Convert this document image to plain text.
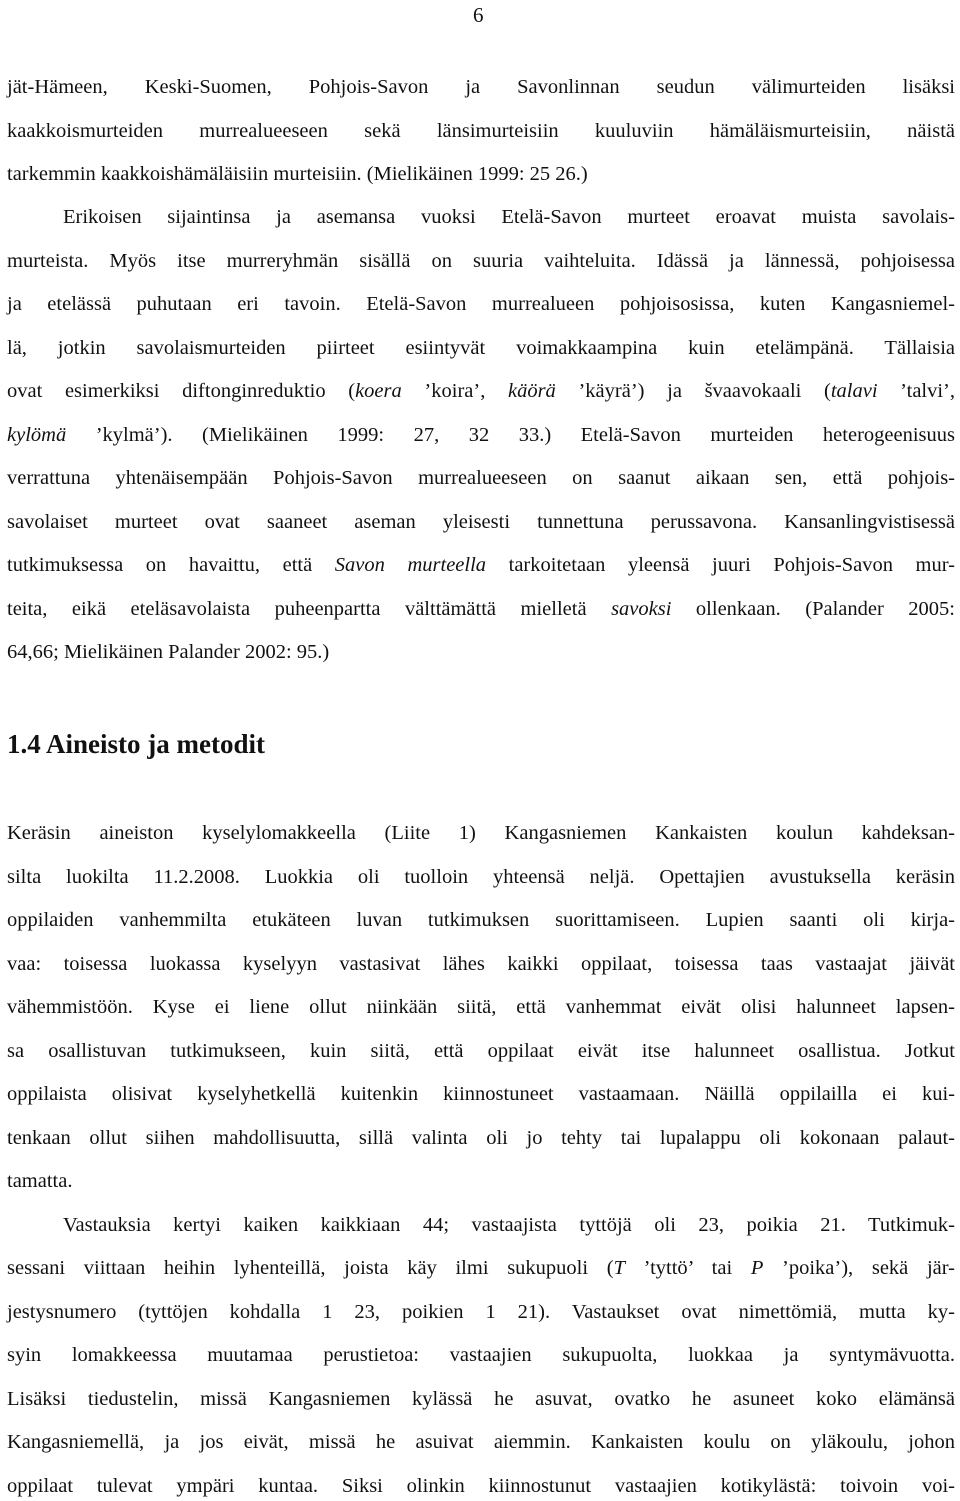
6
jät-Hämeen, Keski-Suomen, Pohjois-Savon ja Savonlinnan seudun välimurteiden lisäksi
kaakkoismurteiden murrealueeseen sekä länsimurteisiin kuuluviin hämäläismurteisiin, näistä
tarkemmin kaakkoishämäläisiin murteisiin. (Mielikäinen 1999: 25 26.)
Erikoisen sijaintinsa ja asemansa vuoksi Etelä-Savon murteet eroavat muista savolais-
murteista. Myös itse murreryhmän sisällä on suuria vaihteluita. Idässä ja lännessä, pohjoisessa
ja etelässä puhutaan eri tavoin. Etelä-Savon murrealueen pohjoisosissa, kuten Kangasniemel-
lä, jotkin savolaismurteiden piirteet esiintyvät voimakkaampina kuin etelämpänä. Tällaisia
ovat esimerkiksi diftonginreduktio (koera ’koira’, käörä ’käyrä’) ja švaavokaali (talavi ’talvi’,
kylömä ’kylmä’). (Mielikäinen 1999: 27, 32 33.) Etelä-Savon murteiden heterogeenisuus
verrattuna yhtenäisempään Pohjois-Savon murrealueeseen on saanut aikaan sen, että pohjois-
savolaiset murteet ovat saaneet aseman yleisesti tunnettuna perussavona. Kansanlingvistisessä
tutkimuksessa on havaittu, että Savon murteella tarkoitetaan yleensä juuri Pohjois-Savon mur-
teita, eikä eteläsavolaista puheenpartta välttämättä mielletä savoksi ollenkaan. (Palander 2005:
64,66; Mielikäinen Palander 2002: 95.)
1.4 Aineisto ja metodit
Keräsin aineiston kyselylomakkeella (Liite 1) Kangasniemen Kankaisten koulun kahdeksan-
silta luokilta 11.2.2008. Luokkia oli tuolloin yhteensä neljä. Opettajien avustuksella keräsin
oppilaiden vanhemmilta etukäteen luvan tutkimuksen suorittamiseen. Lupien saanti oli kirja-
vaa: toisessa luokassa kyselyyn vastasivat lähes kaikki oppilaat, toisessa taas vastaajat jäivät
vähemmistöön. Kyse ei liene ollut niinkään siitä, että vanhemmat eivät olisi halunneet lapsen-
sa osallistuvan tutkimukseen, kuin siitä, että oppilaat eivät itse halunneet osallistua. Jotkut
oppilaista olisivat kyselyhetkellä kuitenkin kiinnostuneet vastaamaan. Näillä oppilailla ei kui-
tenkaan ollut siihen mahdollisuutta, sillä valinta oli jo tehty tai lupalappu oli kokonaan palaut-
tamatta.
Vastauksia kertyi kaiken kaikkiaan 44; vastaajista tyttöjä oli 23, poikia 21. Tutkimuk-
sessani viittaan heihin lyhenteillä, joista käy ilmi sukupuoli (T ’tyttö’ tai P ’poika’), sekä jär-
jestysnumero (tyttöjen kohdalla 1 23, poikien 1 21). Vastaukset ovat nimettömiä, mutta ky-
syin lomakkeessa muutamaa perustietoa: vastaajien sukupuolta, luokkaa ja syntymävuotta.
Lisäksi tiedustelin, missä Kangasniemen kylässä he asuvat, ovatko he asuneet koko elämänsä
Kangasniemellä, ja jos eivät, missä he asuivat aiemmin. Kankaisten koulu on yläkoulu, johon
oppilaat tulevat ympäri kuntaa. Siksi olinkin kiinnostunut vastaajien kotikylästä: toivoin voi-
